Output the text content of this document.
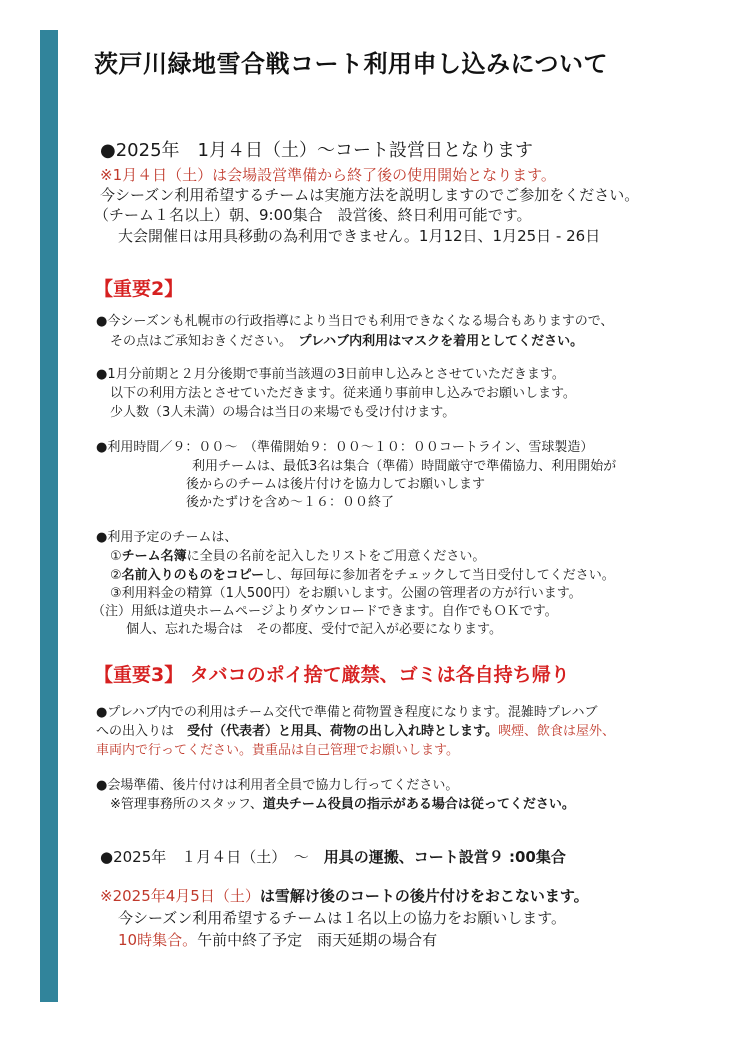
茨戸川緑地雪合戦コート利用申し込みについて
●2025年　1月４日（土）～コート設営日となります
※1月４日（土）は会場設営準備から終了後の使用開始となります。
今シーズン利用希望するチームは実施方法を説明しますのでご参加をください。
（チーム１名以上）朝、9:00集合　設営後、終日利用可能です。
大会開催日は用具移動の為利用できません。1月12日、1月25日 - 26日
【重要2】
●今シーズンも札幌市の行政指導により当日でも利用できなくなる場合もありますので、
その点はご承知おきください。　プレハブ内利用はマスクを着用としてください。
●1月分前期と２月分後期で事前当該週の3日前申し込みとさせていただきます。
以下の利用方法とさせていただきます。従来通り事前申し込みでお願いします。
少人数（3人未満）の場合は当日の来場でも受け付けます。
●利用時間／９：００～　（準備開始９：００～１０：００コートライン、雪球製造）
利用チームは、最低3名は集合（準備）時間厳守で準備協力、利用開始が
後からのチームは後片付けを協力してお願いします
後かたずけを含め～１６：００終了
●利用予定のチームは、
①チーム名簿に全員の名前を記入したリストをご用意ください。
②名前入りのものをコピーし、毎回毎に参加者をチェックして当日受付してください。
③利用料金の精算（1人500円）をお願いします。公園の管理者の方が行います。
（注）用紙は道央ホームページよりダウンロードできます。自作でもＯＫです。
個人、忘れた場合は　その都度、受付で記入が必要になります。
【重要3】 タバコのポイ捨て厳禁、ゴミは各自持ち帰り
●プレハブ内での利用はチーム交代で準備と荷物置き程度になります。混雑時プレハブ
への出入りは　受付（代表者）と用具、荷物の出し入れ時とします。喫煙、飲食は屋外、
車両内で行ってください。貴重品は自己管理でお願いします。
●会場準備、後片付けは利用者全員で協力し行ってください。
※管理事務所のスタッフ、道央チーム役員の指示がある場合は従ってください。
●2025年　１月４日（土）　～　用具の運搬、コート設営９ :00集合
※2025年4月5日（土）は雪解け後のコートの後片付けをおこないます。
今シーズン利用希望するチームは１名以上の協力をお願いします。
10時集合。午前中終了予定　雨天延期の場合有
